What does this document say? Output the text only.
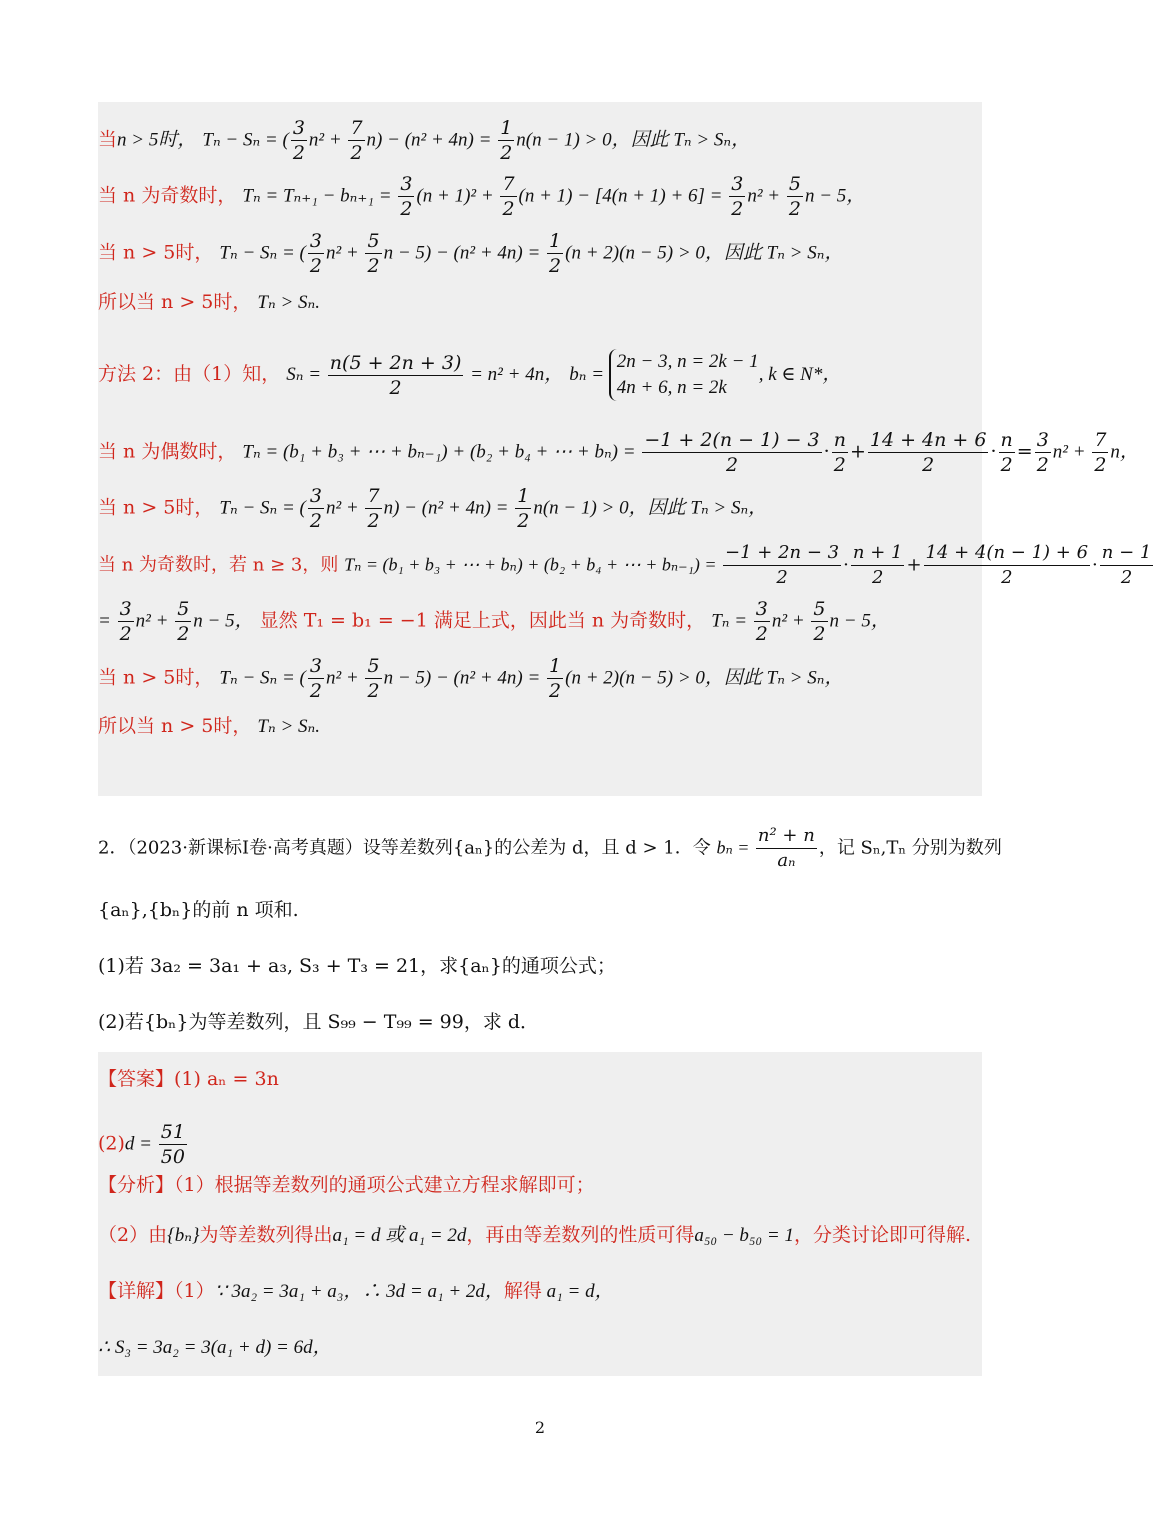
当n > 5时， Tₙ − Sₙ = ( $\frac{3}{2} n^2 + \frac{7}{2} n) - (n^2 + 4n) = \frac{1}{2} n(n - 1) > 0$，因此 Tₙ > Sₙ，
当 n 为奇数时， $T_n = T_{n+1} - b_{n+1} = \frac{3}{2} (n + 1)^2 + \frac{7}{2} (n + 1) - [4(n + 1) + 6] = \frac{3}{2} n^2 + \frac{5}{2}$ n − 5，
当 n > 5时， Tₙ − Sₙ = ( $\frac{3}{2} n^2 + \frac{5}{2}$ $n - 5) - (n^2 + 4n) = \frac{1}{2} (n + 2)(n - 5) > 0$，因此 Tₙ > Sₙ，
所以当 n > 5时， Tₙ > Sₙ.
方法 2：由（1）知， $S_n = \frac{n(5 + 2n + 3)}{2} = n^2 + 4n$， bₙ =
2n − 3, n = 2k − 1
4n + 6, n = 2k
, k ∈ N*，
当 n 为偶数时， Tₙ = (b₁ + b₃ + ⋯ + bₙ₋₁) + (b₂ + b₄ + ⋯ + $b_n) = \frac{-1 + 2(n - 1) - 3}{2} \cdot \frac{n}{2} + \frac{14 + 4n + 6}{2} \cdot \frac{n}{2} = \frac{3}{2} n^2 + \frac{7}{2}$ n，
当 n > 5时， Tₙ − Sₙ = ( $\frac{3}{2} n^2 + \frac{7}{2} n) - (n^2 + 4n) = \frac{1}{2} n(n - 1) > 0$，因此 Tₙ > Sₙ，
当 n 为奇数时，若 n ≥ 3，则 Tₙ = (b₁ + b₃ + ⋯ + bₙ) + (b₂ + b₄ + ⋯ + $b_{n-1}) = \frac{-1 + 2n - 3}{2} \cdot \frac{n + 1}{2} + \frac{14 + 4(n - 1) + 6}{2} \cdot \frac{n - 1}{2}$
= $\frac{3}{2} n^2 + \frac{5}{2}$ n − 5， 显然 T₁ = b₁ = −1 满足上式，因此当 n 为奇数时， $T_n = \frac{3}{2} n^2 + \frac{5}{2}$ n − 5，
当 n > 5时， Tₙ − Sₙ = ( $\frac{3}{2} n^2 + \frac{5}{2}$ $n - 5) - (n^2 + 4n) = \frac{1}{2} (n + 2)(n - 5) > 0$，因此 Tₙ > Sₙ，
所以当 n > 5时， Tₙ > Sₙ.
2．（2023·新课标I卷·高考真题）设等差数列{aₙ}的公差为 d，且 d > 1．令 $b_n = \frac{\text{n² + n}}{\text{aₙ}}$ ，记 Sₙ,Tₙ 分别为数列
{aₙ},{bₙ}的前 n 项和.
(1)若 3a₂ = 3a₁ + a₃, S₃ + T₃ = 21，求{aₙ}的通项公式；
(2)若{bₙ}为等差数列，且 S₉₉ − T₉₉ = 99，求 d．
【答案】(1) aₙ = 3n
$(2)d = \frac{51}{50}$
【分析】（1）根据等差数列的通项公式建立方程求解即可；
（2）由{bₙ}为等差数列得出a₁ = d 或 a₁ = 2d，再由等差数列的性质可得a₅₀ − b₅₀ = 1，分类讨论即可得解.
【详解】（1）∵ 3a₂ = 3a₁ + a₃，∴ 3d = a₁ + 2d，解得 a₁ = d，
∴ S₃ = 3a₂ = 3(a₁ + d) = 6d，
2
